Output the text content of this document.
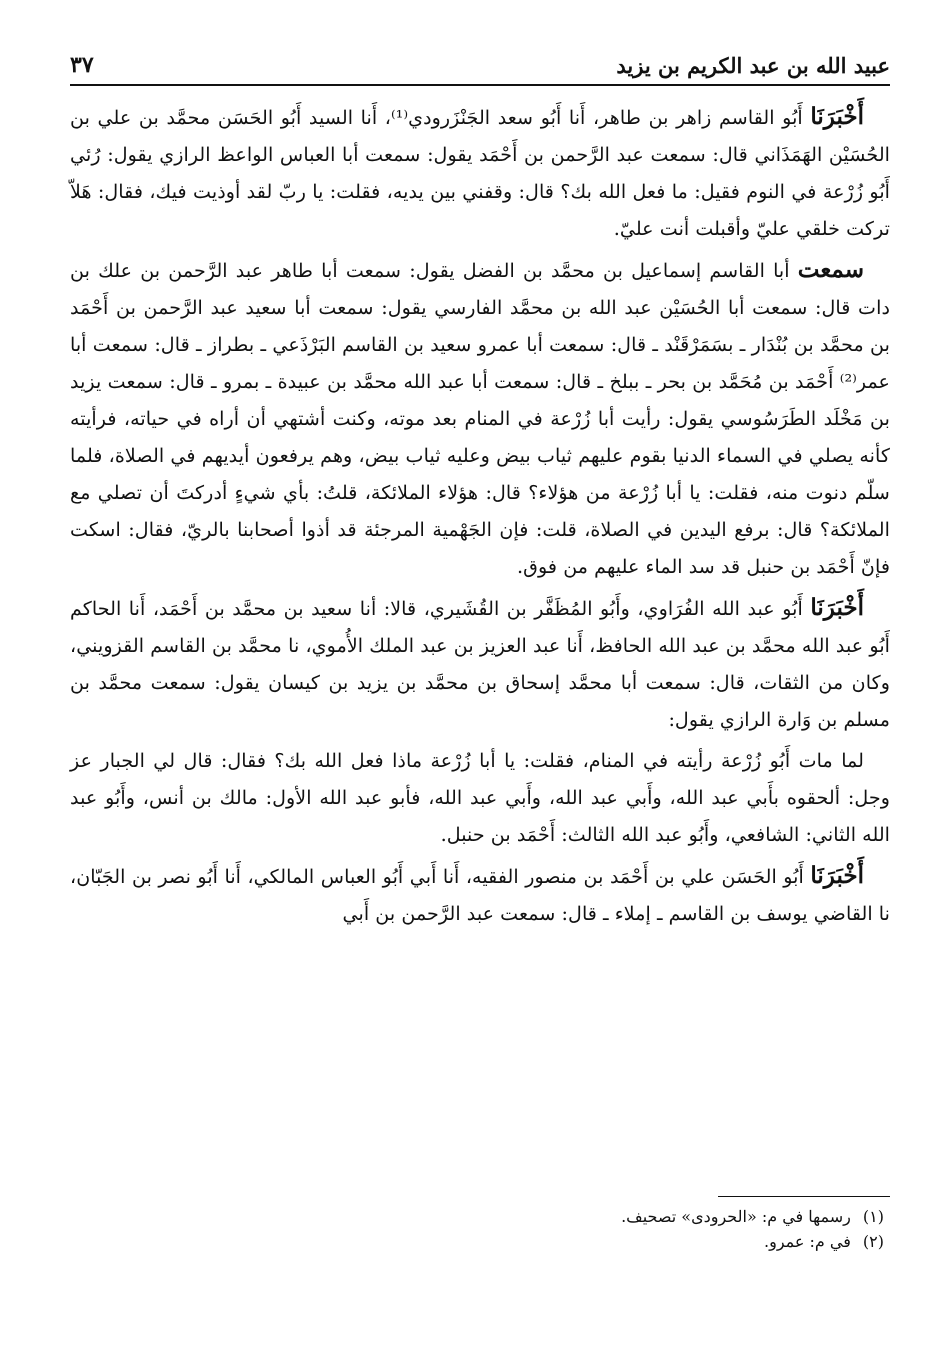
٣٧	عبيد الله بن عبد الكريم بن يزيد

أَخْبَرَنَا أَبُو القاسم زاهر بن طاهر، أَنا أَبُو سعد الجَنْزَرودي⁽¹⁾، أَنا السيد أَبُو الحَسَن محمَّد بن علي بن الحُسَيْن الهَمَذَاني قال: سمعت عبد الرَّحمن بن أَحْمَد يقول: سمعت أبا العباس الواعظ الرازي يقول: رُئي أَبُو زُرْعة في النوم فقيل: ما فعل الله بك؟ قال: وقفني بين يديه، فقلت: يا ربّ لقد أوذيت فيك، فقال: هَلاّ تركت خلقي عليّ وأقبلت أنت عليّ.

سمعت أبا القاسم إسماعيل بن محمَّد بن الفضل يقول: سمعت أبا طاهر عبد الرَّحمن بن علك بن دات قال: سمعت أبا الحُسَيْن عبد الله بن محمَّد الفارسي يقول: سمعت أبا سعيد عبد الرَّحمن بن أَحْمَد بن محمَّد بن بُنْدَار ـ بسَمَرْقَنْد ـ قال: سمعت أبا عمرو سعيد بن القاسم البَرْذَعي ـ بطراز ـ قال: سمعت أبا عمر⁽²⁾ أَحْمَد بن مُحَمَّد بن بحر ـ ببلخ ـ قال: سمعت أبا عبد الله محمَّد بن عبيدة ـ بمرو ـ قال: سمعت يزيد بن مَخْلَد الطَرَسُوسي يقول: رأيت أبا زُرْعة في المنام بعد موته، وكنت أشتهي أن أراه في حياته، فرأيته كأنه يصلي في السماء الدنيا بقوم عليهم ثياب بيض وعليه ثياب بيض، وهم يرفعون أيديهم في الصلاة، فلما سلّم دنوت منه، فقلت: يا أبا زُرْعة من هؤلاء؟ قال: هؤلاء الملائكة، قلتُ: بأي شيءٍ أدركتَ أن تصلي مع الملائكة؟ قال: برفع اليدين في الصلاة، قلت: فإن الجَهْمية المرجئة قد أذوا أصحابنا بالريّ، فقال: اسكت فإنّ أَحْمَد بن حنبل قد سد الماء عليهم من فوق.

أَخْبَرَنَا أَبُو عبد الله الفُرَاوي، وأَبُو المُظَفَّر بن القُشَيري، قالا: أنا سعيد بن محمَّد بن أَحْمَد، أَنا الحاكم أَبُو عبد الله محمَّد بن عبد الله الحافظ، أَنا عبد العزيز بن عبد الملك الأُموي، نا محمَّد بن القاسم القزويني، وكان من الثقات، قال: سمعت أبا محمَّد إسحاق بن محمَّد بن يزيد بن كيسان يقول: سمعت محمَّد بن مسلم بن وَارة الرازي يقول:

لما مات أَبُو زُرْعة رأيته في المنام، فقلت: يا أبا زُرْعة ماذا فعل الله بك؟ فقال: قال لي الجبار عز وجل: ألحقوه بأَبي عبد الله، وأَبي عبد الله، وأَبي عبد الله، فأبو عبد الله الأول: مالك بن أنس، وأَبُو عبد الله الثاني: الشافعي، وأَبُو عبد الله الثالث: أَحْمَد بن حنبل.

أَخْبَرَنَا أَبُو الحَسَن علي بن أَحْمَد بن منصور الفقيه، أَنا أَبي أَبُو العباس المالكي، أَنا أَبُو نصر بن الجَبّان، نا القاضي يوسف بن القاسم ـ إملاء ـ قال: سمعت عبد الرَّحمن بن أَبي

(١)
رسمها في م: «الحرودى» تصحيف.
(٢)
في م: عمرو.
